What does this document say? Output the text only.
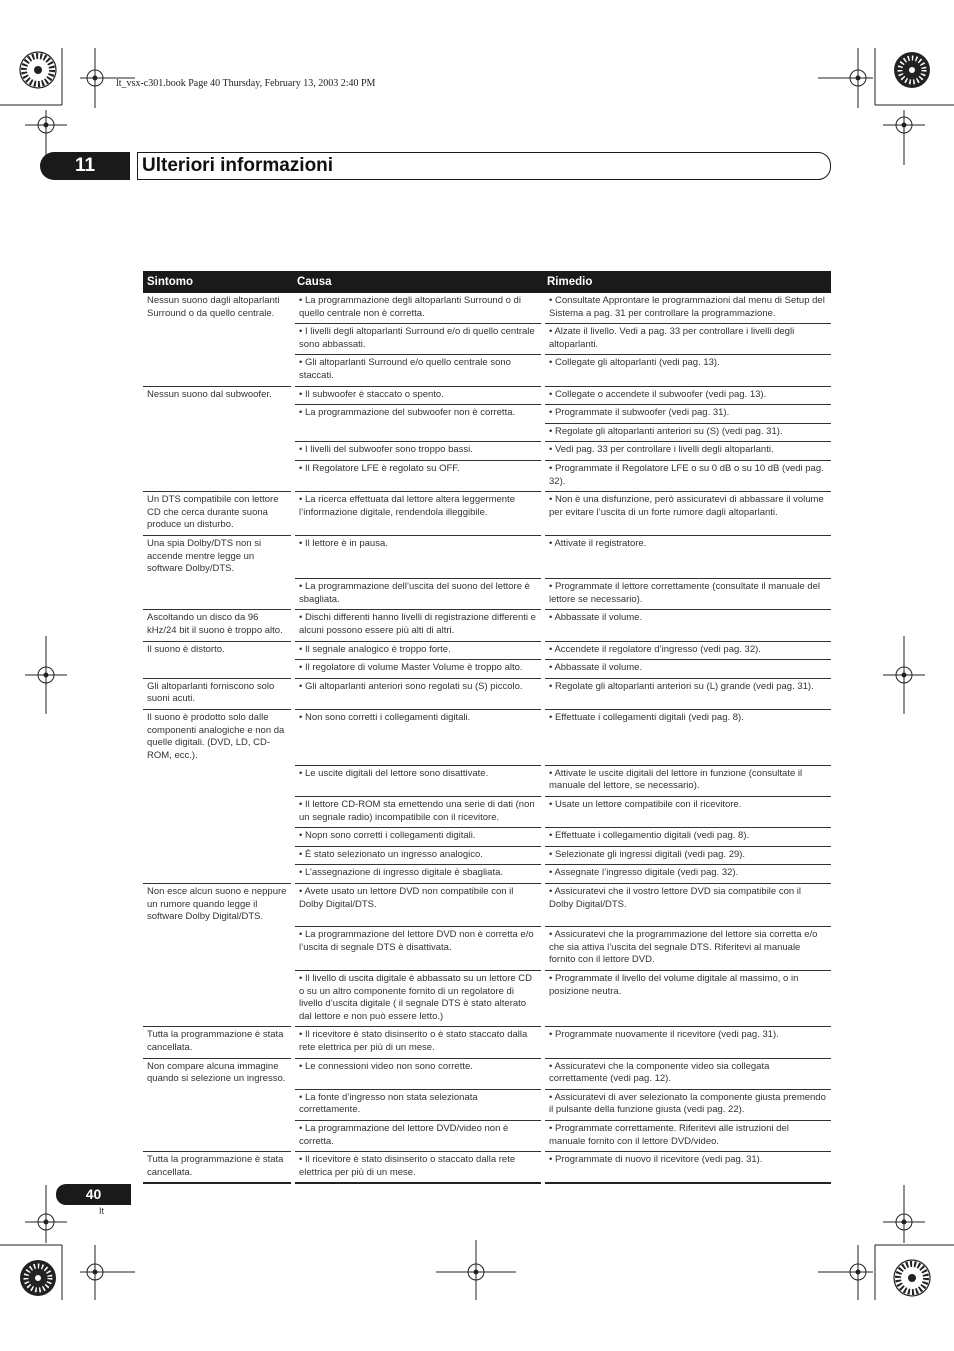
lt_vsx-c301.book Page 40 Thursday, February 13, 2003 2:40 PM
11	Ulteriori informazioni
Sintomo	Causa	Rimedio
Nessun suono dagli altoparlanti Surround o da quello centrale.	• La programmazione degli altoparlanti Surround o di quello centrale non è corretta.	• Consultate Approntare le programmazioni dal menu di Setup del Sistema a pag. 31 per controllare la programmazione.
	• I livelli degli altoparlanti Surround e/o di quello centrale sono abbassati.	• Alzate il livello. Vedi a pag. 33 per controllare i livelli degli altoparlanti.
	• Gli altoparlanti Surround e/o quello centrale sono staccati.	• Collegate gli altoparlanti (vedi pag. 13).
Nessun suono dal subwoofer.	• Il subwoofer è staccato o spento.	• Collegate o accendete il subwoofer (vedi pag. 13).
	• La programmazione del subwoofer non è corretta.	• Programmate il subwoofer (vedi pag. 31).
		• Regolate gli altoparlanti anteriori su (S) (vedi pag. 31).
	• I livelli del subwoofer sono troppo bassi.	• Vedi pag. 33 per controllare i livelli degli altoparlanti.
	• Il Regolatore LFE è regolato su OFF.	• Programmate il Regolatore LFE o su 0 dB o su 10 dB (vedi pag. 32).
Un DTS compatibile con lettore CD che cerca durante suona produce un disturbo.	• La ricerca effettuata dal lettore altera leggermente l’informazione digitale, rendendola illeggibile.	• Non è una disfunzione, però assicuratevi di abbassare il volume per evitare l’uscita di un forte rumore dagli altoparlanti.
Una spia Dolby/DTS non si accende mentre legge un software Dolby/DTS.	• Il lettore è in pausa.	• Attivate il registratore.
	• La programmazione dell’uscita del suono del lettore è sbagliata.	• Programmate il lettore correttamente (consultate il manuale del lettore se necessario).
Ascoltando un disco da 96 kHz/24 bit il suono è troppo alto.	• Dischi differenti hanno livelli di registrazione differenti e alcuni possono essere più alti di altri.	• Abbassate il volume.
Il suono è distorto.	• Il segnale analogico è troppo forte.	• Accendete il regolatore d’ingresso (vedi pag. 32).
	• Il regolatore di volume Master Volume è troppo alto.	• Abbassate il volume.
Gli altoparlanti forniscono solo suoni acuti.	• Gli altoparlanti anteriori sono regolati su (S) piccolo.	• Regolate gli altoparlanti anteriori su (L) grande (vedi pag. 31).
Il suono è prodotto solo dalle componenti analogiche e non da quelle digitali. (DVD, LD, CD-ROM, ecc.).	• Non sono corretti i collegamenti digitali.	• Effettuate i collegamenti digitali (vedi pag. 8).
	• Le uscite digitali del lettore sono disattivate.	• Attivate le uscite digitali del lettore in funzione (consultate il manuale del lettore, se necessario).
	• Il lettore CD-ROM sta emettendo una serie di dati (non un segnale radio) incompatibile con il ricevitore.	• Usate un lettore compatibile con il ricevitore.
	• Nopn sono corretti i collegamenti digitali.	• Effettuate i collegamentio digitali (vedi pag. 8).
	• È stato selezionato un ingresso analogico.	• Selezionate gli ingressi digitali (vedi pag. 29).
	• L’assegnazione di ingresso digitale è sbagliata.	• Assegnate l’ingresso digitale (vedi pag. 32).
Non esce alcun suono e neppure un rumore quando legge il software Dolby Digital/DTS.	• Avete usato un lettore DVD non compatibile con il Dolby Digital/DTS.	• Assicuratevi che il vostro lettore DVD sia compatibile con il Dolby Digital/DTS.
	• La programmazione del lettore DVD non è corretta e/o l’uscita di segnale DTS è disattivata.	• Assicuratevi che la programmazione del lettore sia corretta e/o che sia attiva l’uscita del segnale DTS. Riferitevi al manuale fornito con il lettore DVD.
	• Il livello di uscita digitale è abbassato su un lettore CD o su un altro componente fornito di un regolatore di livello d’uscita digitale ( il segnale DTS è stato alterato dal lettore e non può essere letto.)	• Programmate il livello del volume digitale al massimo, o in posizione neutra.
Tutta la programmazione è stata cancellata.	• Il ricevitore è stato disinserito o è stato staccato dalla rete elettrica per più di un mese.	• Programmate nuovamente il ricevitore (vedi pag. 31).
Non compare alcuna immagine quando si selezione un ingresso.	• Le connessioni video non sono corrette.	• Assicuratevi che la componente video sia collegata correttamente (vedi pag. 12).
	• La fonte d’ingresso non stata selezionata correttamente.	• Assicuratevi di aver selezionato la componente giusta premendo il pulsante della funzione giusta (vedi pag. 22).
	• La programmazione del lettore DVD/video non è corretta.	• Programmate correttamente. Riferitevi alle istruzioni del manuale fornito con il lettore DVD/video.
Tutta la programmazione è stata cancellata.	• Il ricevitore è stato disinserito o staccato dalla rete elettrica per più di un mese.	• Programmate di nuovo il ricevitore (vedi pag. 31).
40
It
